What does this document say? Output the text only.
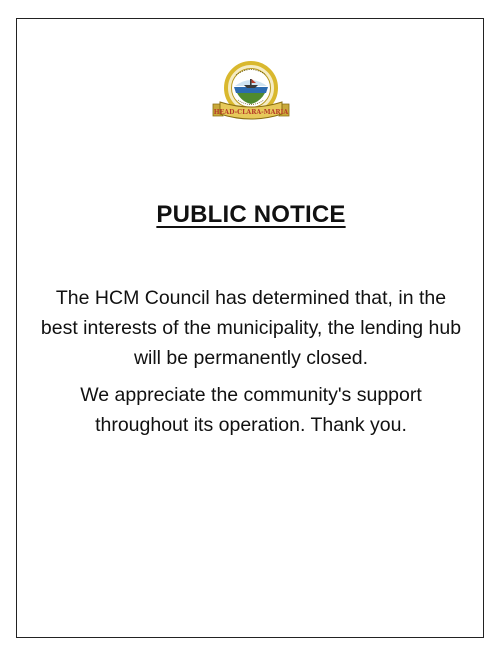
HEAD-CLARA-MARIA
PUBLIC NOTICE

The HCM Council has determined that, in the best interests of the municipality, the lending hub will be permanently closed.

We appreciate the community's support throughout its operation. Thank you.
